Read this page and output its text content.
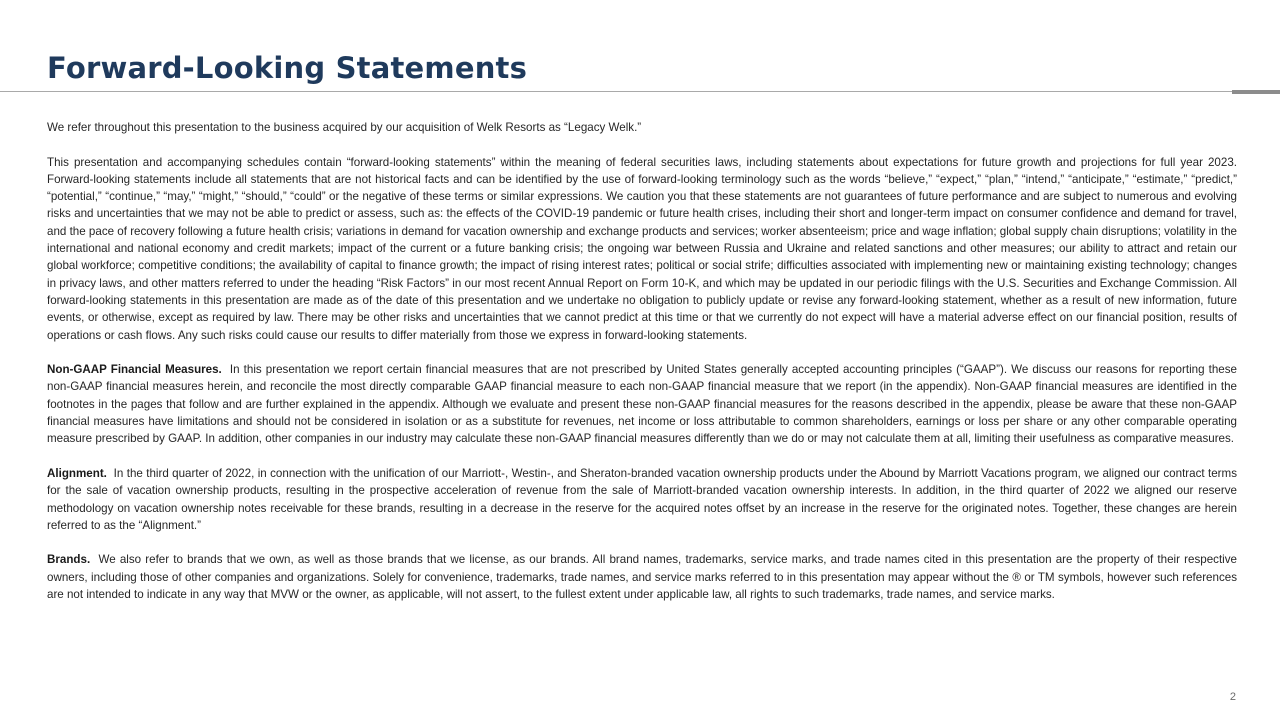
Forward-Looking Statements

We refer throughout this presentation to the business acquired by our acquisition of Welk Resorts as “Legacy Welk.”

This presentation and accompanying schedules contain “forward-looking statements” within the meaning of federal securities laws, including statements about expectations for future growth and projections for full year 2023. Forward-looking statements include all statements that are not historical facts and can be identified by the use of forward-looking terminology such as the words “believe,” “expect,” “plan,” “intend,” “anticipate,” “estimate,” “predict,” “potential,” “continue,” “may,” “might,” “should,” “could” or the negative of these terms or similar expressions. We caution you that these statements are not guarantees of future performance and are subject to numerous and evolving risks and uncertainties that we may not be able to predict or assess, such as: the effects of the COVID-19 pandemic or future health crises, including their short and longer-term impact on consumer confidence and demand for travel, and the pace of recovery following a future health crisis; variations in demand for vacation ownership and exchange products and services; worker absenteeism; price and wage inflation; global supply chain disruptions; volatility in the international and national economy and credit markets; impact of the current or a future banking crisis; the ongoing war between Russia and Ukraine and related sanctions and other measures; our ability to attract and retain our global workforce; competitive conditions; the availability of capital to finance growth; the impact of rising interest rates; political or social strife; difficulties associated with implementing new or maintaining existing technology; changes in privacy laws, and other matters referred to under the heading “Risk Factors” in our most recent Annual Report on Form 10-K, and which may be updated in our periodic filings with the U.S. Securities and Exchange Commission. All forward-looking statements in this presentation are made as of the date of this presentation and we undertake no obligation to publicly update or revise any forward-looking statement, whether as a result of new information, future events, or otherwise, except as required by law. There may be other risks and uncertainties that we cannot predict at this time or that we currently do not expect will have a material adverse effect on our financial position, results of operations or cash flows. Any such risks could cause our results to differ materially from those we express in forward-looking statements.

Non-GAAP Financial Measures. In this presentation we report certain financial measures that are not prescribed by United States generally accepted accounting principles (“GAAP”). We discuss our reasons for reporting these non-GAAP financial measures herein, and reconcile the most directly comparable GAAP financial measure to each non-GAAP financial measure that we report (in the appendix). Non-GAAP financial measures are identified in the footnotes in the pages that follow and are further explained in the appendix. Although we evaluate and present these non-GAAP financial measures for the reasons described in the appendix, please be aware that these non-GAAP financial measures have limitations and should not be considered in isolation or as a substitute for revenues, net income or loss attributable to common shareholders, earnings or loss per share or any other comparable operating measure prescribed by GAAP. In addition, other companies in our industry may calculate these non-GAAP financial measures differently than we do or may not calculate them at all, limiting their usefulness as comparative measures.

Alignment. In the third quarter of 2022, in connection with the unification of our Marriott-, Westin-, and Sheraton-branded vacation ownership products under the Abound by Marriott Vacations program, we aligned our contract terms for the sale of vacation ownership products, resulting in the prospective acceleration of revenue from the sale of Marriott-branded vacation ownership interests. In addition, in the third quarter of 2022 we aligned our reserve methodology on vacation ownership notes receivable for these brands, resulting in a decrease in the reserve for the acquired notes offset by an increase in the reserve for the originated notes. Together, these changes are herein referred to as the “Alignment.”

Brands. We also refer to brands that we own, as well as those brands that we license, as our brands. All brand names, trademarks, service marks, and trade names cited in this presentation are the property of their respective owners, including those of other companies and organizations. Solely for convenience, trademarks, trade names, and service marks referred to in this presentation may appear without the ® or TM symbols, however such references are not intended to indicate in any way that MVW or the owner, as applicable, will not assert, to the fullest extent under applicable law, all rights to such trademarks, trade names, and service marks.

2
